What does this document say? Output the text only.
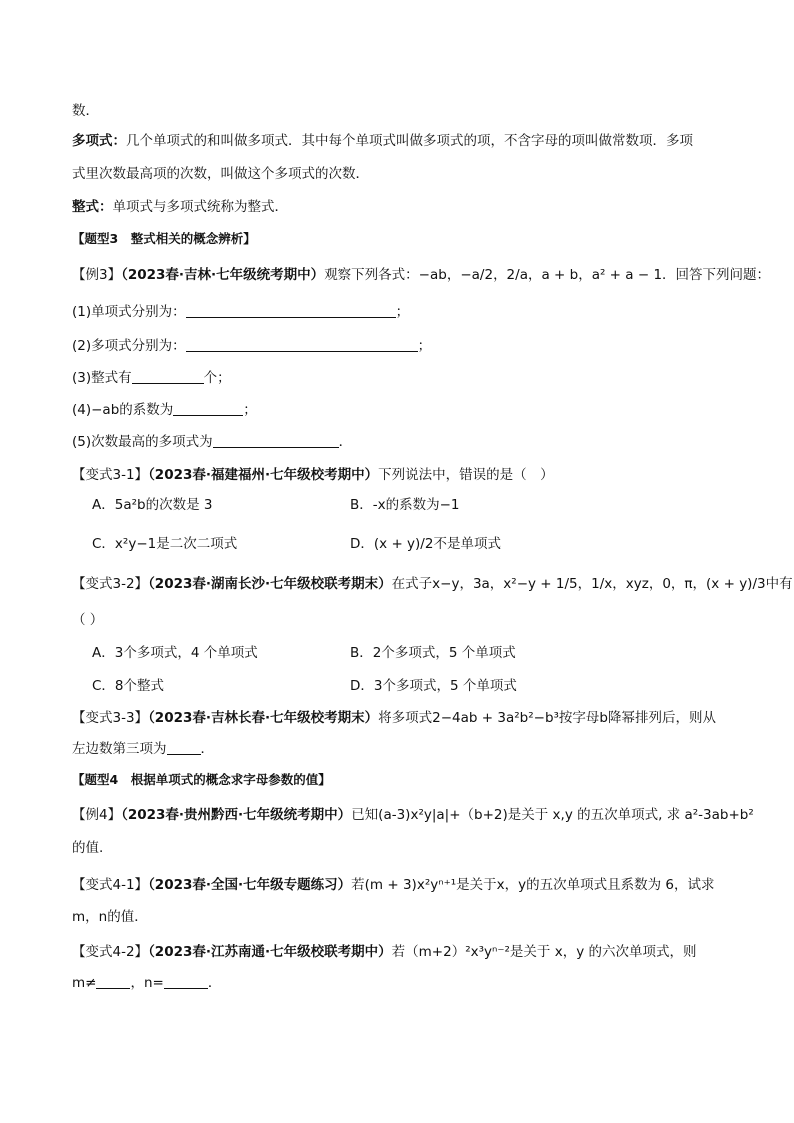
数．
多项式：几个单项式的和叫做多项式．其中每个单项式叫做多项式的项，不含字母的项叫做常数项．多项
式里次数最高项的次数，叫做这个多项式的次数．
整式：单项式与多项式统称为整式．
【题型3　整式相关的概念辨析】
【例3】（2023春·吉林·七年级统考期中）观察下列各式：−ab，−a/2，2/a，a + b，a² + a − 1．回答下列问题：
(1)单项式分别为：	；
(2)多项式分别为：	；
(3)整式有	个；
(4)−ab的系数为	；
(5)次数最高的多项式为	．
【变式3-1】（2023春·福建福州·七年级校考期中）下列说法中，错误的是（　）
A．5a²b的次数是 3	B．-x的系数为−1
C．x²y−1是二次二项式	D．(x + y)/2不是单项式
【变式3-2】（2023春·湖南长沙·七年级校联考期末）在式子x−y，3a，x²−y + 1/5，1/x，xyz，0，π，(x + y)/3中有
（ ）
A．3个多项式，4 个单项式	B．2个多项式，5 个单项式
C．8个整式	D．3个多项式，5 个单项式
【变式3-3】（2023春·吉林长春·七年级校考期末）将多项式2−4ab + 3a²b²−b³按字母b降幂排列后，则从
左边数第三项为	．
【题型4　根据单项式的概念求字母参数的值】
【例4】（2023春·贵州黔西·七年级统考期中）已知(a-3)x²y|a|+（b+2)是关于 x,y 的五次单项式, 求 a²-3ab+b²
的值.
【变式4-1】（2023春·全国·七年级专题练习）若(m + 3)x²yⁿ⁺¹是关于x，y的五次单项式且系数为 6，试求
m，n的值．
【变式4-2】（2023春·江苏南通·七年级校联考期中）若（m+2）²x³yⁿ⁻²是关于 x，y 的六次单项式，则
m≠	，n=	．
